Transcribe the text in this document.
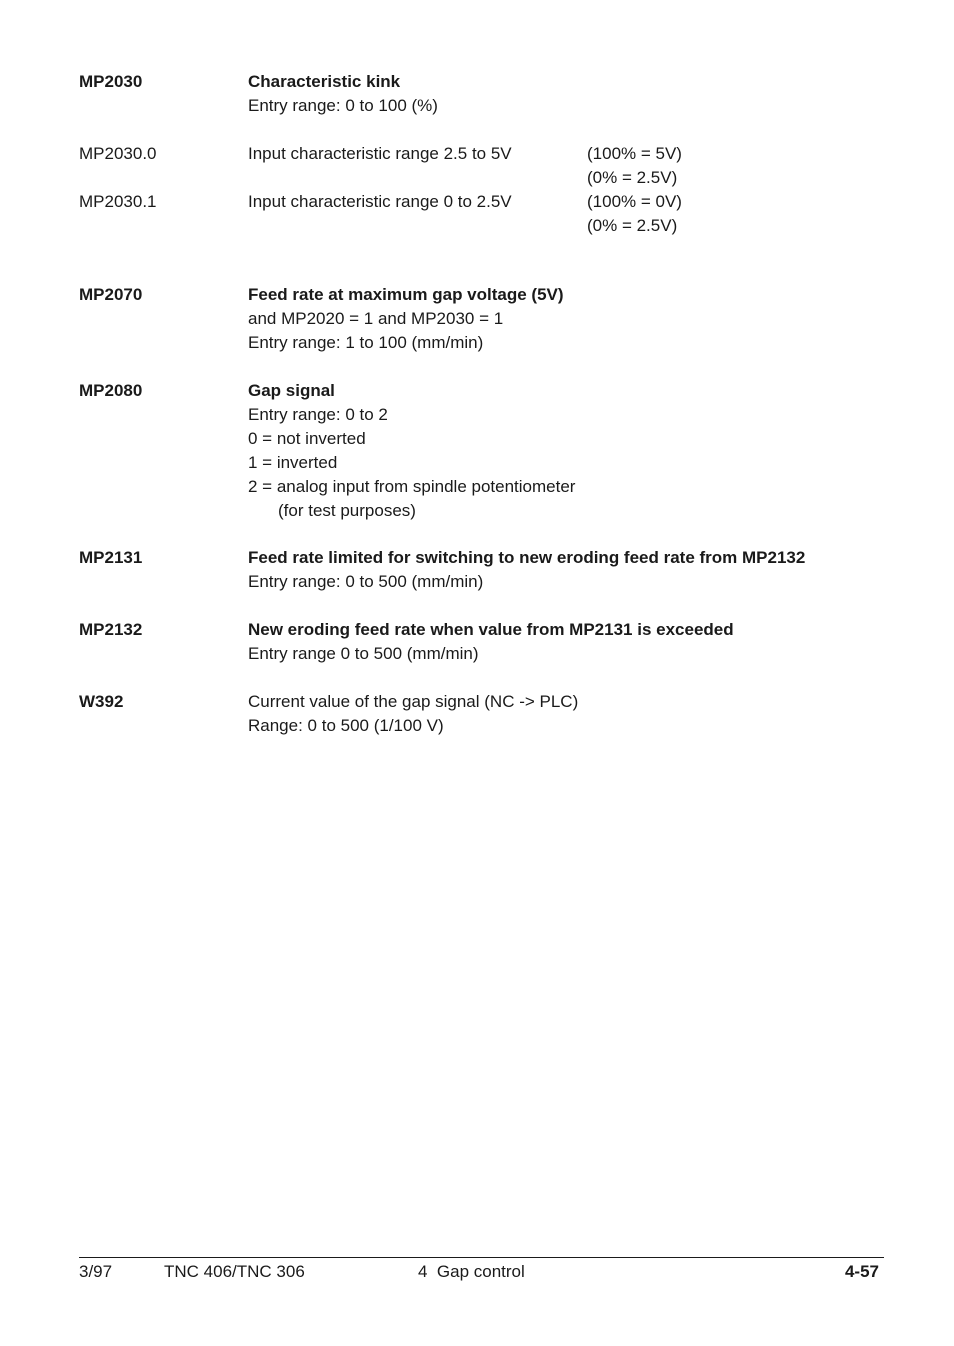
MP2030	Characteristic kink
Entry range: 0 to 100 (%)
MP2030.0	Input characteristic range 2.5 to 5V	(100% = 5V)
(0% = 2.5V)
MP2030.1	Input characteristic range 0 to 2.5V	(100% = 0V)
(0% = 2.5V)
MP2070	Feed rate at maximum gap voltage (5V)
and MP2020 = 1 and MP2030 = 1
Entry range: 1 to 100 (mm/min)
MP2080	Gap signal
Entry range: 0 to 2
0 = not inverted
1 = inverted
2 = analog input from spindle potentiometer
(for test purposes)
MP2131	Feed rate limited for switching to new eroding feed rate from MP2132
Entry range: 0 to 500 (mm/min)
MP2132	New eroding feed rate when value from MP2131 is exceeded
Entry range 0 to 500 (mm/min)
W392	Current value of the gap signal (NC -> PLC)
Range: 0 to 500 (1/100 V)
3/97	TNC 406/TNC 306	4  Gap control	4-57
